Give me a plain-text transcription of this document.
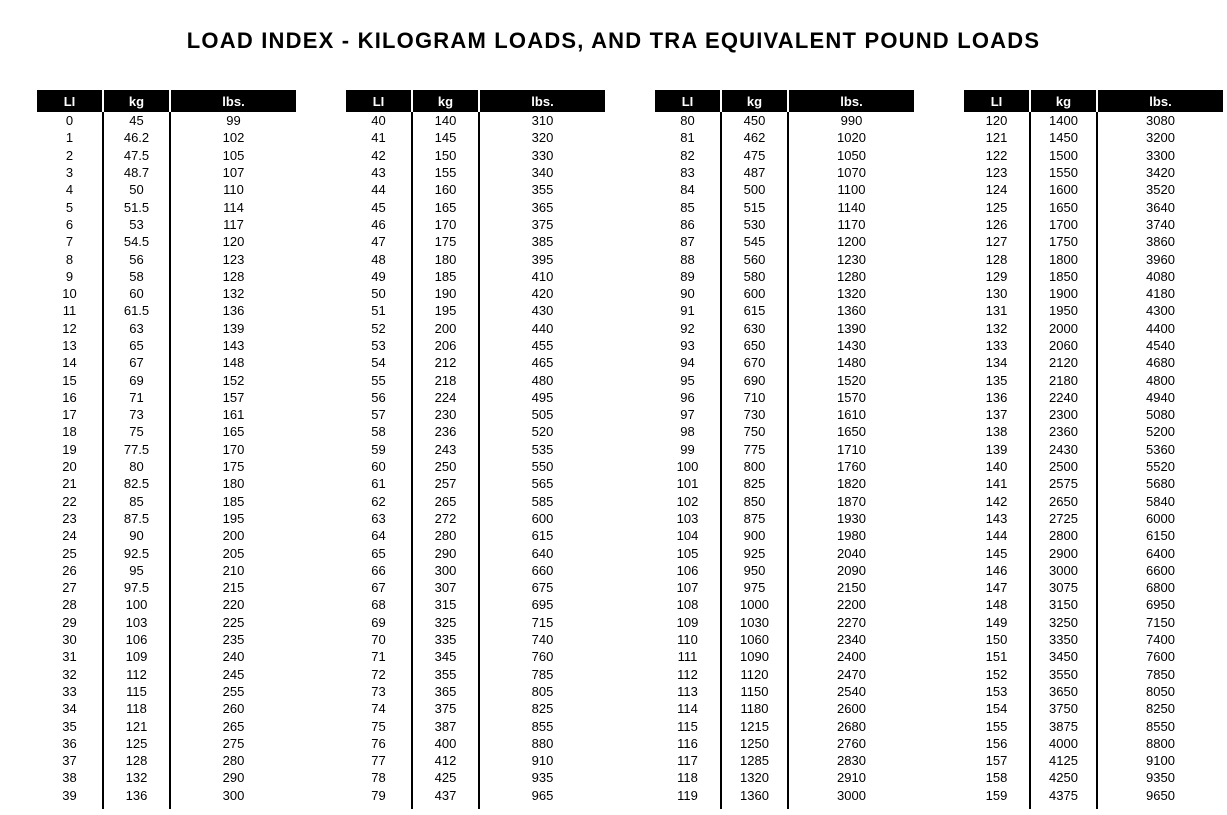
LOAD INDEX - KILOGRAM LOADS, AND TRA EQUIVALENT POUND LOADS
LI	kg	lbs.
0	45	99
1	46.2	102
2	47.5	105
3	48.7	107
4	50	110
5	51.5	114
6	53	117
7	54.5	120
8	56	123
9	58	128
10	60	132
11	61.5	136
12	63	139
13	65	143
14	67	148
15	69	152
16	71	157
17	73	161
18	75	165
19	77.5	170
20	80	175
21	82.5	180
22	85	185
23	87.5	195
24	90	200
25	92.5	205
26	95	210
27	97.5	215
28	100	220
29	103	225
30	106	235
31	109	240
32	112	245
33	115	255
34	118	260
35	121	265
36	125	275
37	128	280
38	132	290
39	136	300

LI	kg	lbs.
40	140	310
41	145	320
42	150	330
43	155	340
44	160	355
45	165	365
46	170	375
47	175	385
48	180	395
49	185	410
50	190	420
51	195	430
52	200	440
53	206	455
54	212	465
55	218	480
56	224	495
57	230	505
58	236	520
59	243	535
60	250	550
61	257	565
62	265	585
63	272	600
64	280	615
65	290	640
66	300	660
67	307	675
68	315	695
69	325	715
70	335	740
71	345	760
72	355	785
73	365	805
74	375	825
75	387	855
76	400	880
77	412	910
78	425	935
79	437	965

LI	kg	lbs.
80	450	990
81	462	1020
82	475	1050
83	487	1070
84	500	1100
85	515	1140
86	530	1170
87	545	1200
88	560	1230
89	580	1280
90	600	1320
91	615	1360
92	630	1390
93	650	1430
94	670	1480
95	690	1520
96	710	1570
97	730	1610
98	750	1650
99	775	1710
100	800	1760
101	825	1820
102	850	1870
103	875	1930
104	900	1980
105	925	2040
106	950	2090
107	975	2150
108	1000	2200
109	1030	2270
110	1060	2340
111	1090	2400
112	1120	2470
113	1150	2540
114	1180	2600
115	1215	2680
116	1250	2760
117	1285	2830
118	1320	2910
119	1360	3000

LI	kg	lbs.
120	1400	3080
121	1450	3200
122	1500	3300
123	1550	3420
124	1600	3520
125	1650	3640
126	1700	3740
127	1750	3860
128	1800	3960
129	1850	4080
130	1900	4180
131	1950	4300
132	2000	4400
133	2060	4540
134	2120	4680
135	2180	4800
136	2240	4940
137	2300	5080
138	2360	5200
139	2430	5360
140	2500	5520
141	2575	5680
142	2650	5840
143	2725	6000
144	2800	6150
145	2900	6400
146	3000	6600
147	3075	6800
148	3150	6950
149	3250	7150
150	3350	7400
151	3450	7600
152	3550	7850
153	3650	8050
154	3750	8250
155	3875	8550
156	4000	8800
157	4125	9100
158	4250	9350
159	4375	9650
